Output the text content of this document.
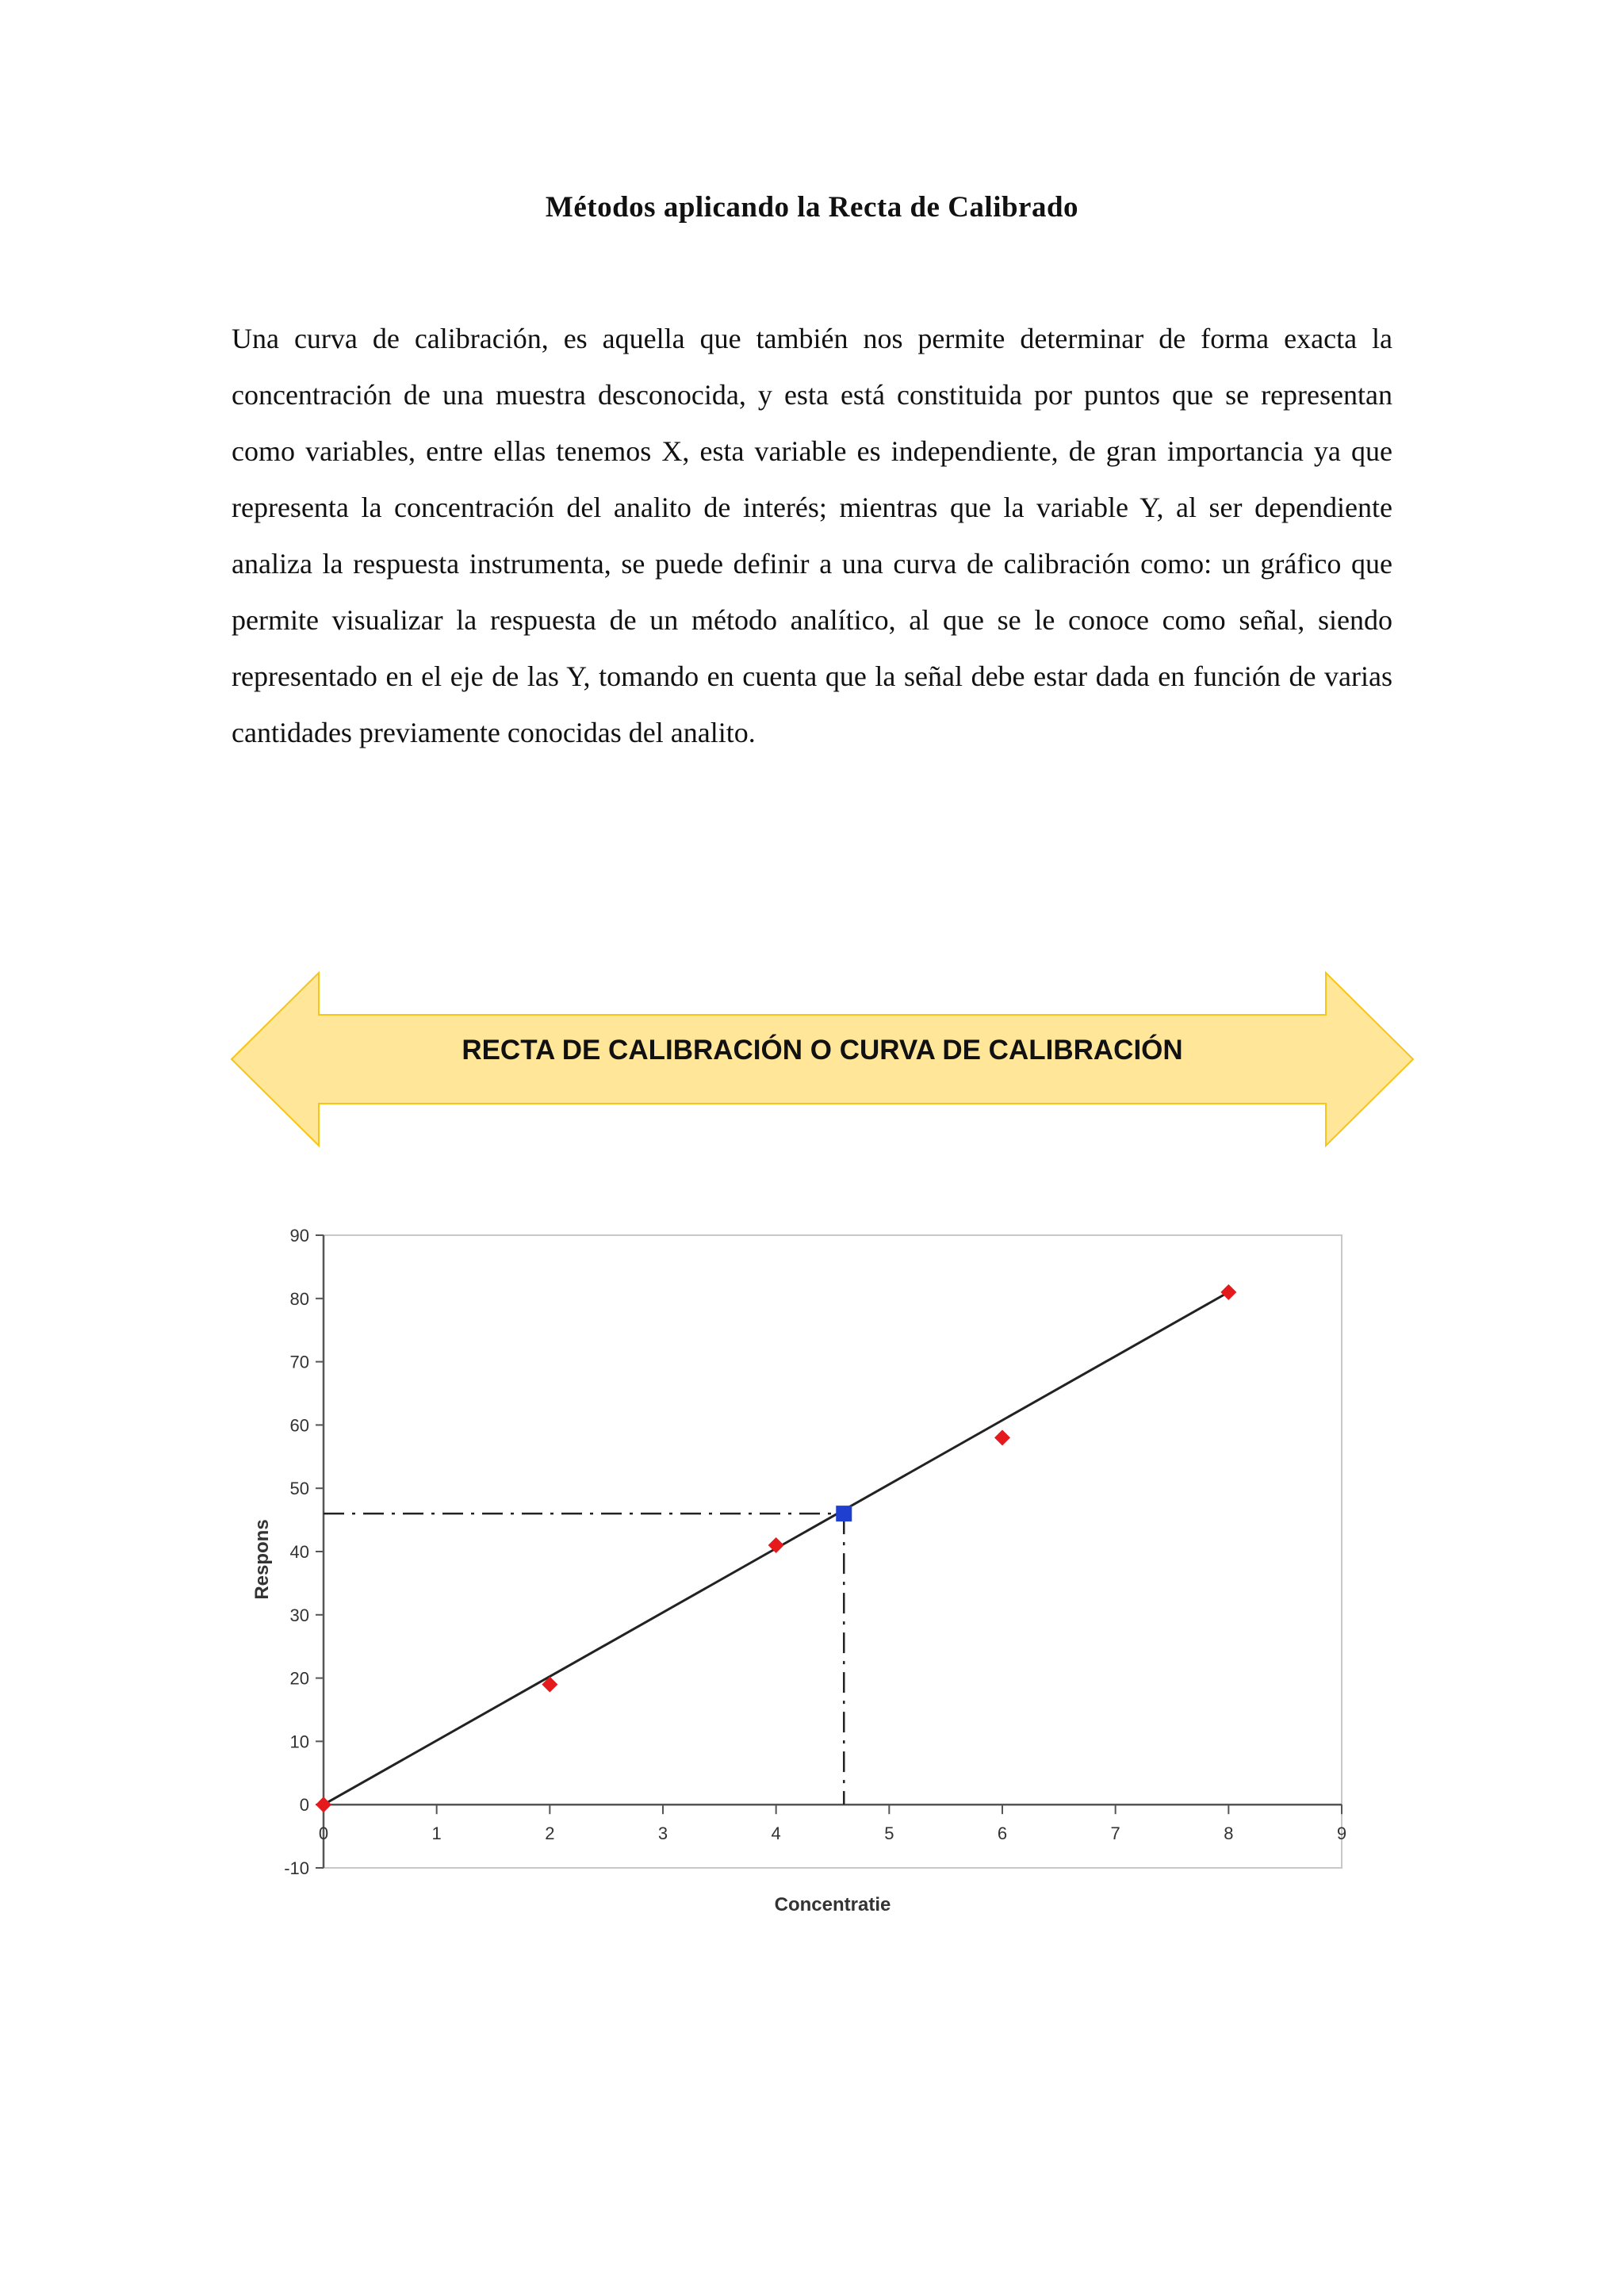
Métodos aplicando la Recta de Calibrado
Una curva de calibración, es aquella que también nos permite determinar de forma exacta la concentración de una muestra desconocida, y esta está constituida por puntos que se representan como variables, entre ellas tenemos X, esta variable es independiente, de gran importancia ya que representa la concentración del analito de interés; mientras que la variable Y, al ser dependiente analiza la respuesta instrumenta, se puede definir a una curva de calibración como: un gráfico que permite visualizar la respuesta de un método analítico, al que se le conoce como señal, siendo representado en el eje de las Y, tomando en cuenta que la señal debe estar dada en función de varias cantidades previamente conocidas del analito.
RECTA DE CALIBRACIÓN O CURVA DE CALIBRACIÓN
-10
0
10
20
30
40
50
60
70
80
90
0	1	2	3	4	5	6	7	8	9
Concentratie
Respons
